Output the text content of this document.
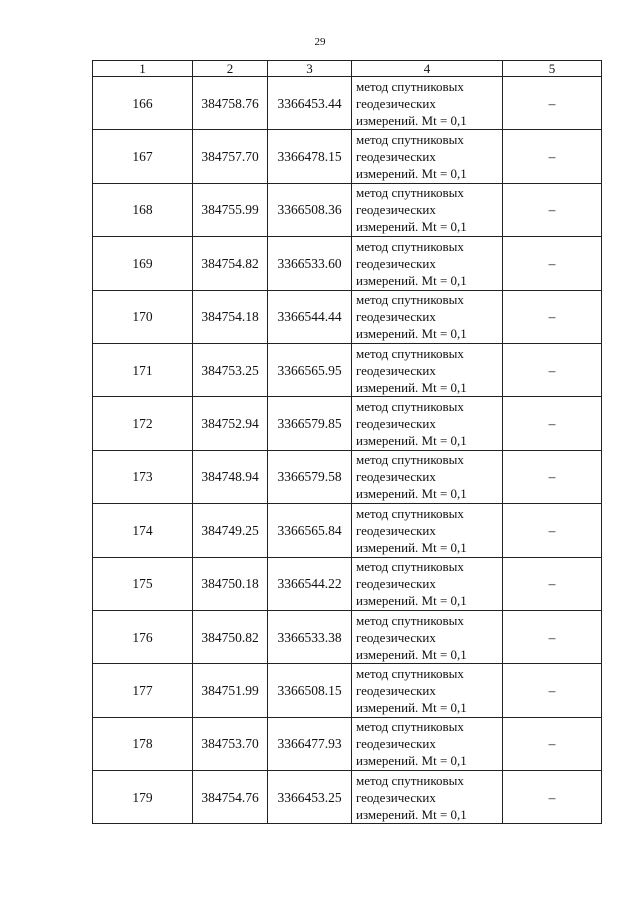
29
1	2	3	4	5
166	384758.76	3366453.44	метод спутниковых
геодезических
измерений. Mt = 0,1	–
167	384757.70	3366478.15	метод спутниковых
геодезических
измерений. Mt = 0,1	–
168	384755.99	3366508.36	метод спутниковых
геодезических
измерений. Mt = 0,1	–
169	384754.82	3366533.60	метод спутниковых
геодезических
измерений. Mt = 0,1	–
170	384754.18	3366544.44	метод спутниковых
геодезических
измерений. Mt = 0,1	–
171	384753.25	3366565.95	метод спутниковых
геодезических
измерений. Mt = 0,1	–
172	384752.94	3366579.85	метод спутниковых
геодезических
измерений. Mt = 0,1	–
173	384748.94	3366579.58	метод спутниковых
геодезических
измерений. Mt = 0,1	–
174	384749.25	3366565.84	метод спутниковых
геодезических
измерений. Mt = 0,1	–
175	384750.18	3366544.22	метод спутниковых
геодезических
измерений. Mt = 0,1	–
176	384750.82	3366533.38	метод спутниковых
геодезических
измерений. Mt = 0,1	–
177	384751.99	3366508.15	метод спутниковых
геодезических
измерений. Mt = 0,1	–
178	384753.70	3366477.93	метод спутниковых
геодезических
измерений. Mt = 0,1	–
179	384754.76	3366453.25	метод спутниковых
геодезических
измерений. Mt = 0,1	–
